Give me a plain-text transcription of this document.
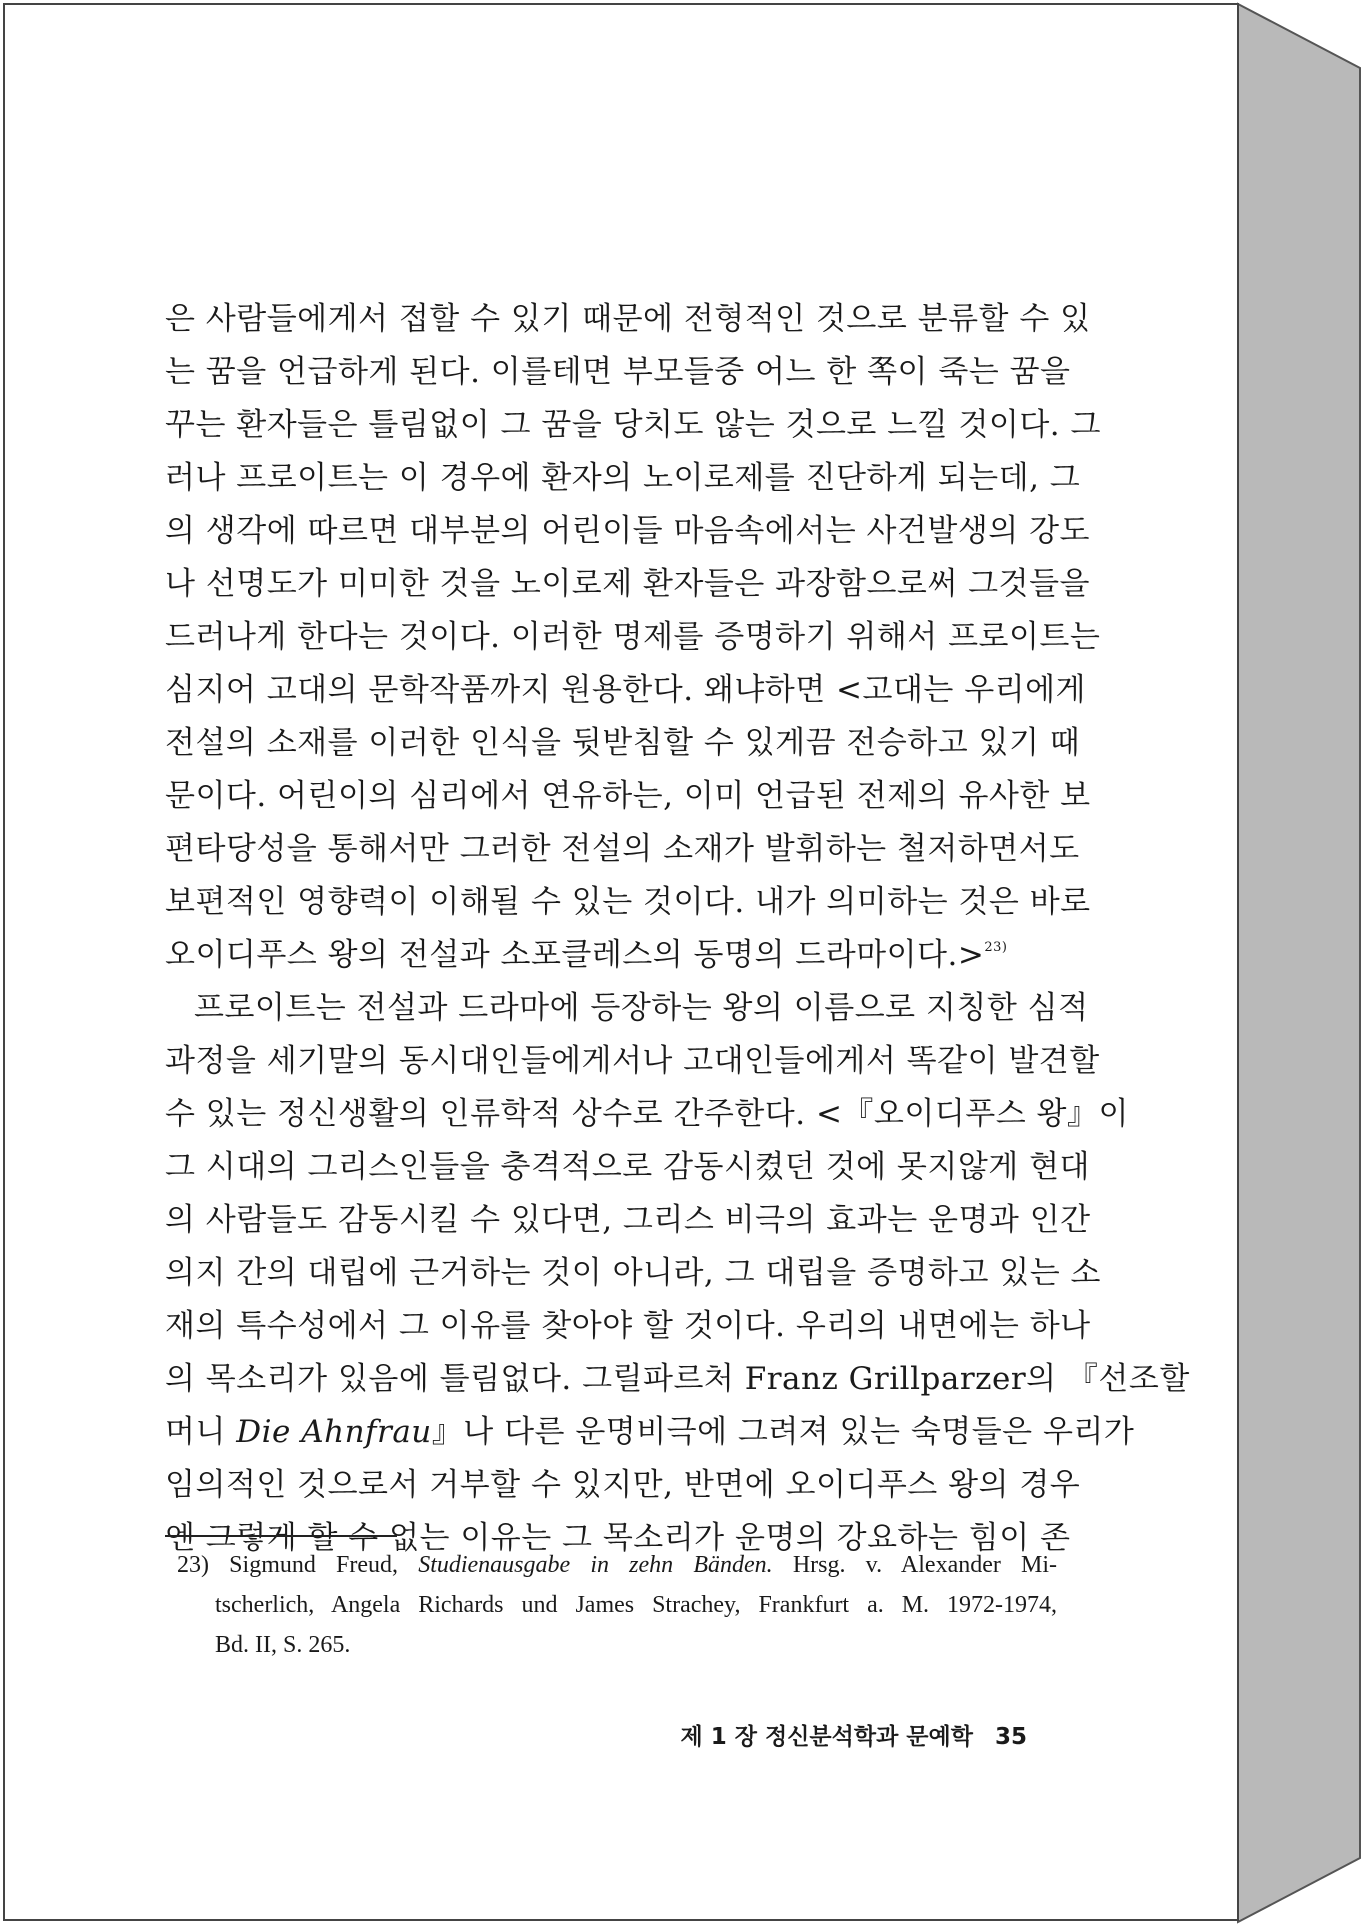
은 사람들에게서 접할 수 있기 때문에 전형적인 것으로 분류할 수 있
는 꿈을 언급하게 된다. 이를테면 부모들중 어느 한 쪽이 죽는 꿈을
꾸는 환자들은 틀림없이 그 꿈을 당치도 않는 것으로 느낄 것이다. 그
러나 프로이트는 이 경우에 환자의 노이로제를 진단하게 되는데, 그
의 생각에 따르면 대부분의 어린이들 마음속에서는 사건발생의 강도
나 선명도가 미미한 것을 노이로제 환자들은 과장함으로써 그것들을
드러나게 한다는 것이다. 이러한 명제를 증명하기 위해서 프로이트는
심지어 고대의 문학작품까지 원용한다. 왜냐하면 <고대는 우리에게
전설의 소재를 이러한 인식을 뒷받침할 수 있게끔 전승하고 있기 때
문이다. 어린이의 심리에서 연유하는, 이미 언급된 전제의 유사한 보
편타당성을 통해서만 그러한 전설의 소재가 발휘하는 철저하면서도
보편적인 영향력이 이해될 수 있는 것이다. 내가 의미하는 것은 바로
오이디푸스 왕의 전설과 소포클레스의 동명의 드라마이다.>$^{23)}$
프로이트는 전설과 드라마에 등장하는 왕의 이름으로 지칭한 심적
과정을 세기말의 동시대인들에게서나 고대인들에게서 똑같이 발견할
수 있는 정신생활의 인류학적 상수로 간주한다. <『오이디푸스 왕』이
그 시대의 그리스인들을 충격적으로 감동시켰던 것에 못지않게 현대
의 사람들도 감동시킬 수 있다면, 그리스 비극의 효과는 운명과 인간
의지 간의 대립에 근거하는 것이 아니라, 그 대립을 증명하고 있는 소
재의 특수성에서 그 이유를 찾아야 할 것이다. 우리의 내면에는 하나
의 목소리가 있음에 틀림없다. 그릴파르처 Franz Grillparzer의 『선조할
머니 Die Ahnfrau』나 다른 운명비극에 그려져 있는 숙명들은 우리가
임의적인 것으로서 거부할 수 있지만, 반면에 오이디푸스 왕의 경우
엔 그렇게 할 수 없는 이유는 그 목소리가 운명의 강요하는 힘이 존
23) Sigmund Freud, Studienausgabe in zehn Bänden. Hrsg. v. Alexander Mi-
tscherlich, Angela Richards und James Strachey, Frankfurt a. M. 1972-1974,
Bd. II, S. 265.
제 1 장 정신분석학과 문예학 35
